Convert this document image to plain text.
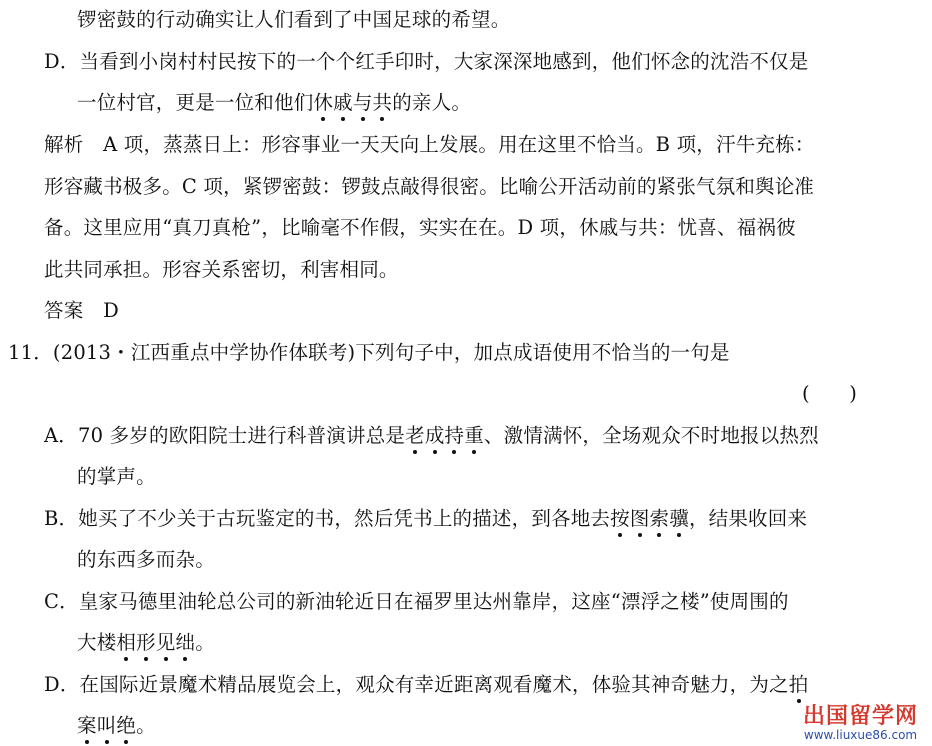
锣密鼓的行动确实让人们看到了中国足球的希望。
D．当看到小岗村村民按下的一个个红手印时，大家深深地感到，他们怀念的沈浩不仅是
一位村官，更是一位和他们休戚与共的亲人。
解析　A 项，蒸蒸日上：形容事业一天天向上发展。用在这里不恰当。B 项，汗牛充栋：
形容藏书极多。C 项，紧锣密鼓：锣鼓点敲得很密。比喻公开活动前的紧张气氛和舆论准
备。这里应用“真刀真枪”，比喻毫不作假，实实在在。D 项，休戚与共：忧喜、福祸彼
此共同承担。形容关系密切，利害相同。
答案　D
11．(2013・江西重点中学协作体联考)下列句子中，加点成语使用不恰当的一句是
(　　)
A．70 多岁的欧阳院士进行科普演讲总是老成持重、激情满怀，全场观众不时地报以热烈
的掌声。
B．她买了不少关于古玩鉴定的书，然后凭书上的描述，到各地去按图索骥，结果收回来
的东西多而杂。
C．皇家马德里油轮总公司的新油轮近日在福罗里达州靠岸，这座“漂浮之楼”使周围的
大楼相形见绌。
D．在国际近景魔术精品展览会上，观众有幸近距离观看魔术，体验其神奇魅力，为之拍
案叫绝。	出国留学网
www.liuxue86.com
